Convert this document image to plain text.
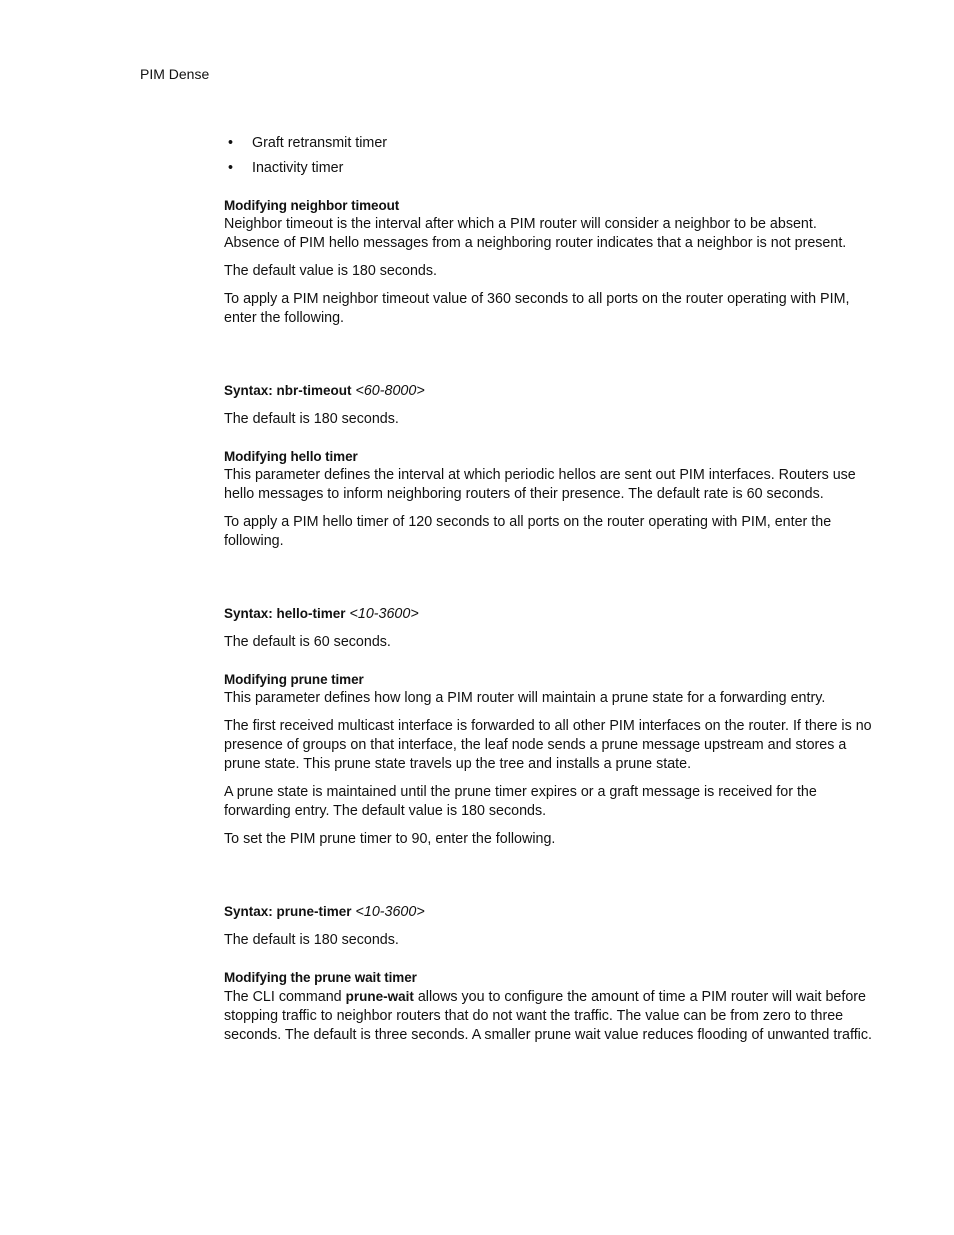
PIM Dense
• Graft retransmit timer
• Inactivity timer
Modifying neighbor timeout

Neighbor timeout is the interval after which a PIM router will consider a neighbor to be absent. Absence of PIM hello messages from a neighboring router indicates that a neighbor is not present.

The default value is 180 seconds.

To apply a PIM neighbor timeout value of 360 seconds to all ports on the router operating with PIM, enter the following.

Syntax: nbr-timeout <60-8000>

The default is 180 seconds.

Modifying hello timer

This parameter defines the interval at which periodic hellos are sent out PIM interfaces. Routers use hello messages to inform neighboring routers of their presence. The default rate is 60 seconds.

To apply a PIM hello timer of 120 seconds to all ports on the router operating with PIM, enter the following.

Syntax: hello-timer <10-3600>

The default is 60 seconds.

Modifying prune timer

This parameter defines how long a PIM router will maintain a prune state for a forwarding entry.

The first received multicast interface is forwarded to all other PIM interfaces on the router. If there is no presence of groups on that interface, the leaf node sends a prune message upstream and stores a prune state. This prune state travels up the tree and installs a prune state.

A prune state is maintained until the prune timer expires or a graft message is received for the forwarding entry. The default value is 180 seconds.

To set the PIM prune timer to 90, enter the following.

Syntax: prune-timer <10-3600>

The default is 180 seconds.

Modifying the prune wait timer

The CLI command prune-wait allows you to configure the amount of time a PIM router will wait before stopping traffic to neighbor routers that do not want the traffic. The value can be from zero to three seconds. The default is three seconds. A smaller prune wait value reduces flooding of unwanted traffic.
